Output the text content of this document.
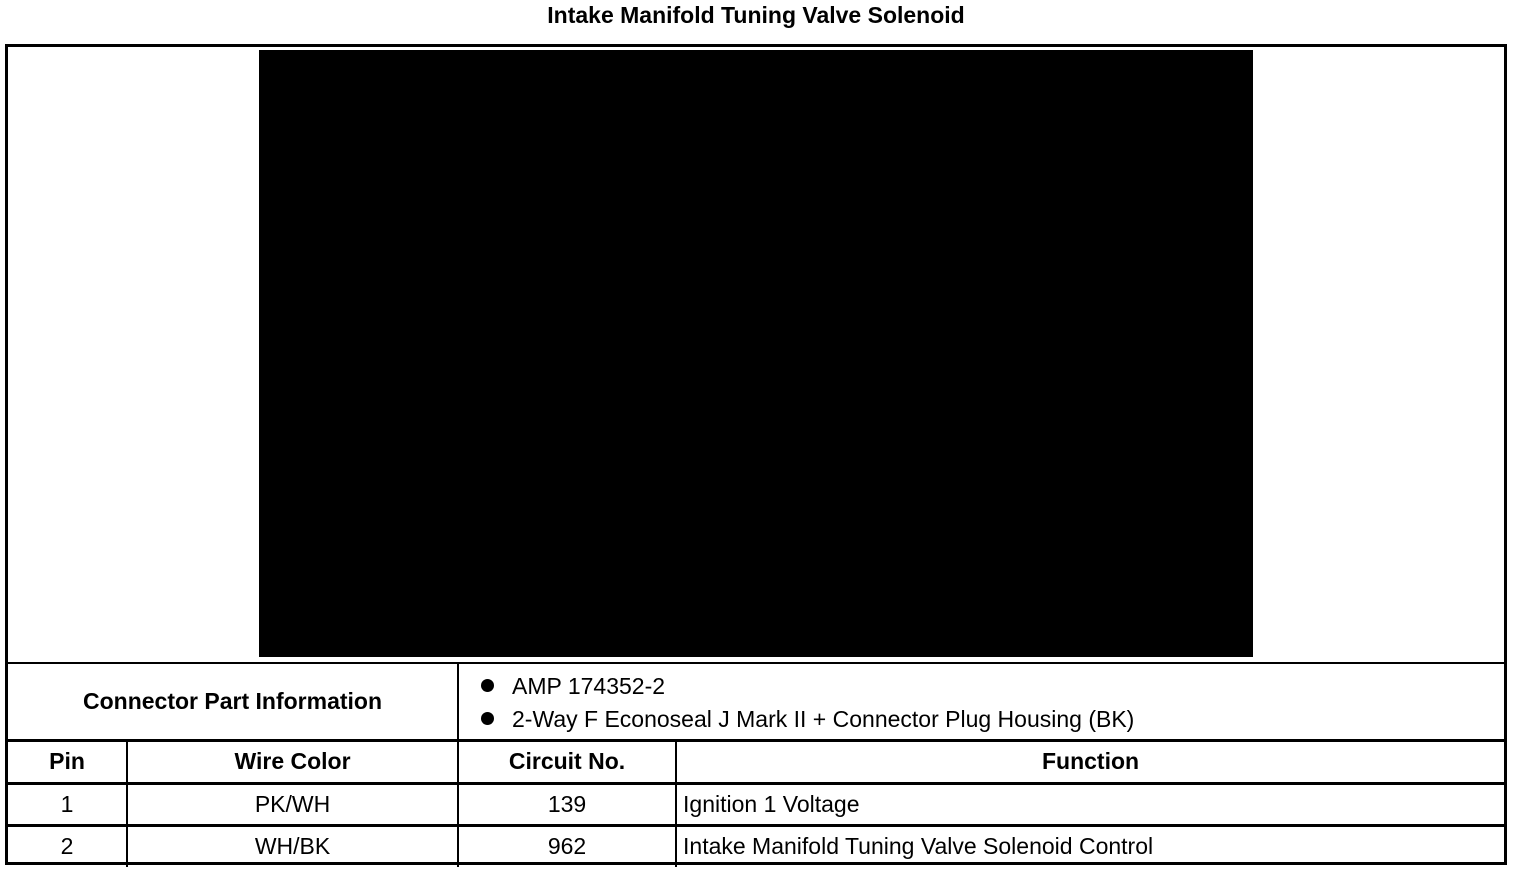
Intake Manifold Tuning Valve Solenoid
Connector Part Information		AMP 174352-2
2-Way F Econoseal J Mark II + Connector Plug Housing (BK)	

Pin	Wire Color	Circuit No.	Function
1	PK/WH	139	Ignition 1 Voltage
2	WH/BK	962	Intake Manifold Tuning Valve Solenoid Control
